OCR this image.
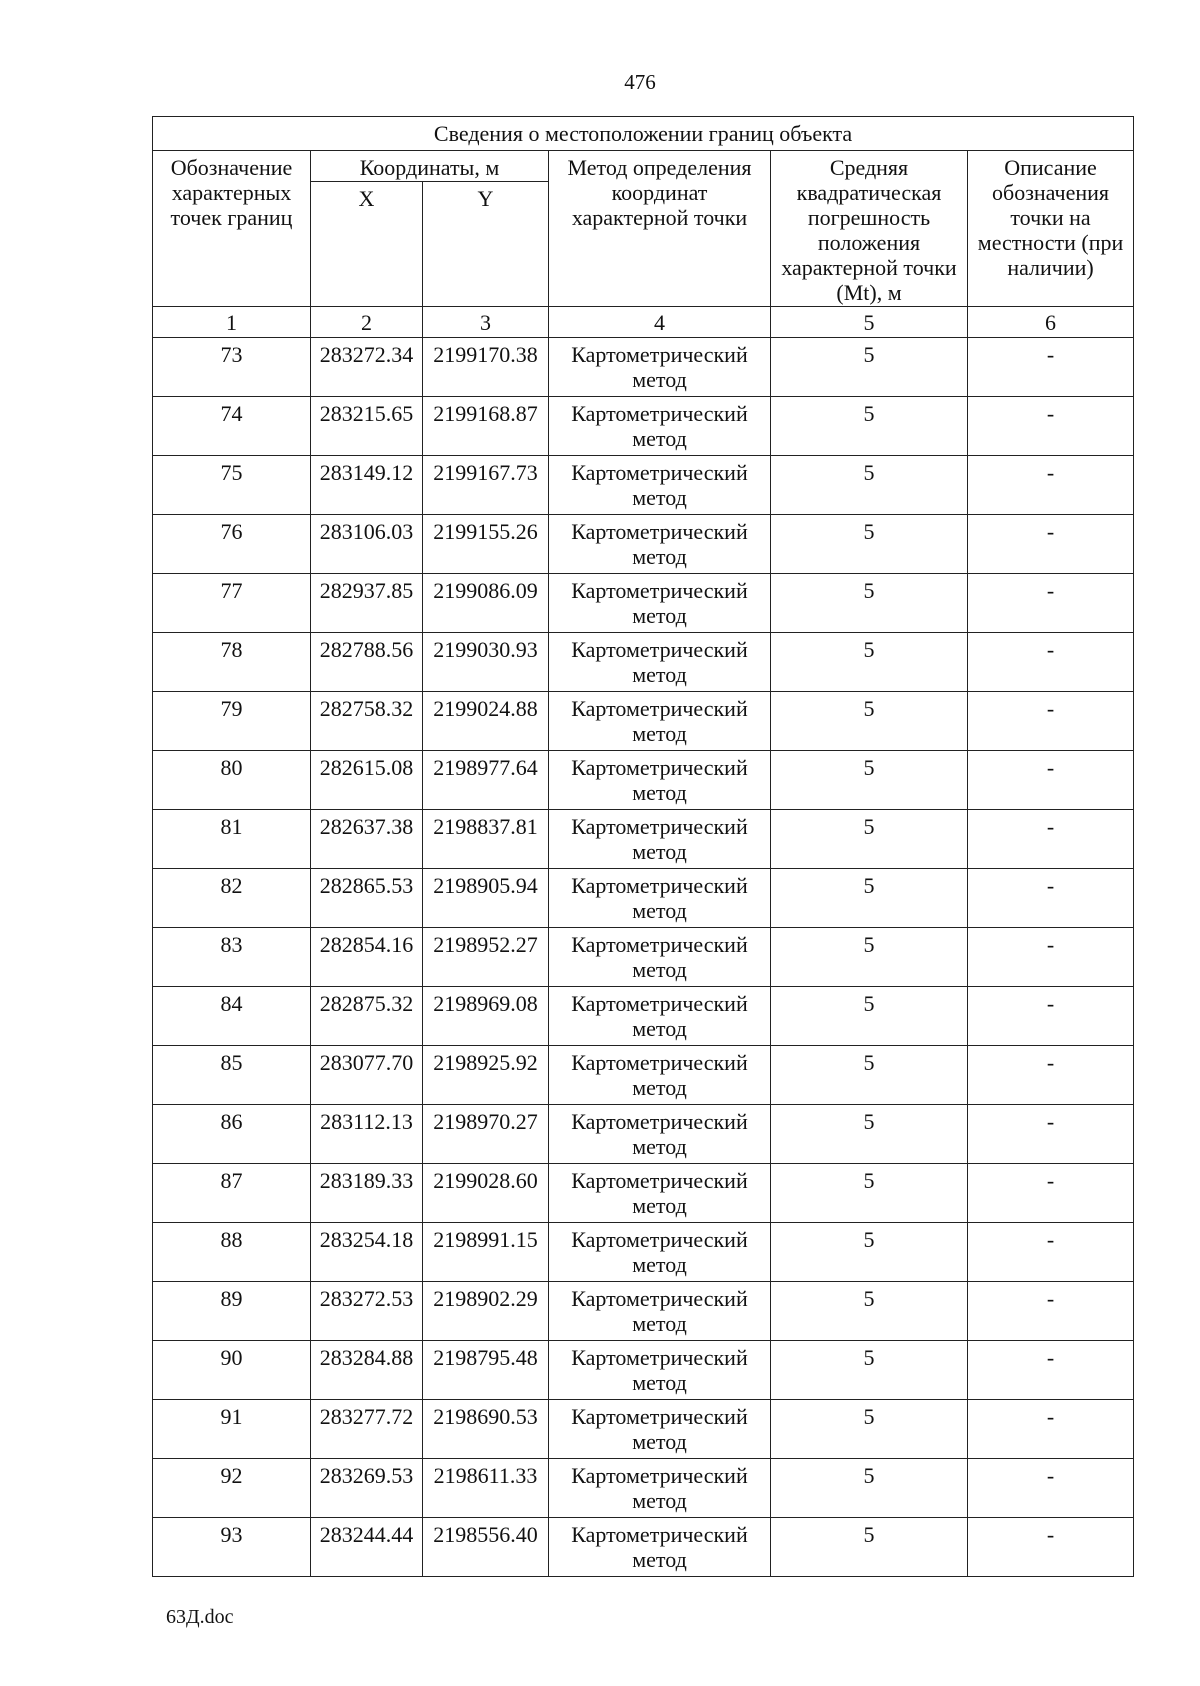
476
Сведения о местоположении границ объекта					
Обозначение характерных точек границ	Координаты, м		Метод определения координат характерной точки	Средняя квадратическая погрешность положения характерной точки (Mt), м	Описание обозначения точки на местности (при наличии)
	X	Y			
1	2	3	4	5	6
73	283272.34	2199170.38	Картометрический метод	5	-
74	283215.65	2199168.87	Картометрический метод	5	-
75	283149.12	2199167.73	Картометрический метод	5	-
76	283106.03	2199155.26	Картометрический метод	5	-
77	282937.85	2199086.09	Картометрический метод	5	-
78	282788.56	2199030.93	Картометрический метод	5	-
79	282758.32	2199024.88	Картометрический метод	5	-
80	282615.08	2198977.64	Картометрический метод	5	-
81	282637.38	2198837.81	Картометрический метод	5	-
82	282865.53	2198905.94	Картометрический метод	5	-
83	282854.16	2198952.27	Картометрический метод	5	-
84	282875.32	2198969.08	Картометрический метод	5	-
85	283077.70	2198925.92	Картометрический метод	5	-
86	283112.13	2198970.27	Картометрический метод	5	-
87	283189.33	2199028.60	Картометрический метод	5	-
88	283254.18	2198991.15	Картометрический метод	5	-
89	283272.53	2198902.29	Картометрический метод	5	-
90	283284.88	2198795.48	Картометрический метод	5	-
91	283277.72	2198690.53	Картометрический метод	5	-
92	283269.53	2198611.33	Картометрический метод	5	-
93	283244.44	2198556.40	Картометрический метод	5	-
63Д.doc
